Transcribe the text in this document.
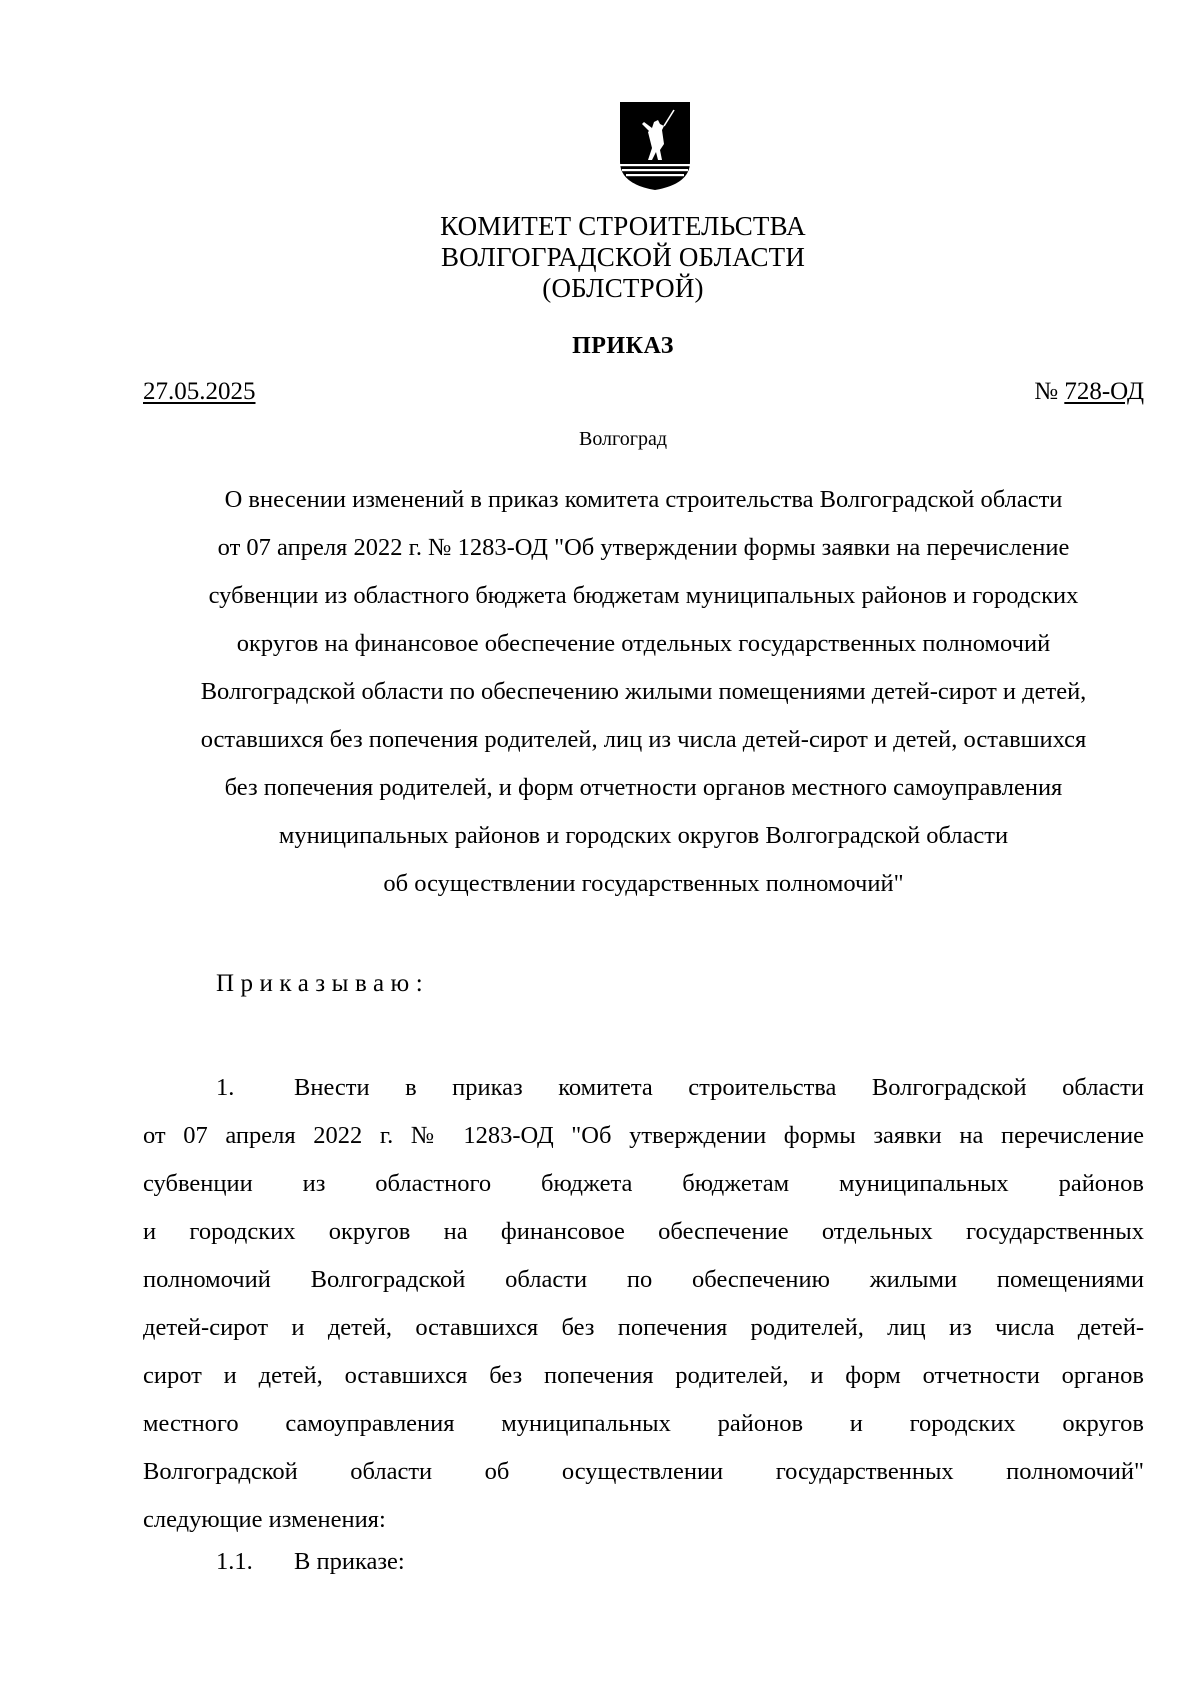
КОМИТЕТ СТРОИТЕЛЬСТВА
ВОЛГОГРАДСКОЙ ОБЛАСТИ
(ОБЛСТРОЙ)
ПРИКАЗ
27.05.2025	№ 728-ОД
Волгоград
О внесении изменений в приказ комитета строительства Волгоградской области
от 07 апреля 2022 г. № 1283-ОД "Об утверждении формы заявки на перечисление
субвенции из областного бюджета бюджетам муниципальных районов и городских
округов на финансовое обеспечение отдельных государственных полномочий
Волгоградской области по обеспечению жилыми помещениями детей-сирот и детей,
оставшихся без попечения родителей, лиц из числа детей-сирот и детей, оставшихся
без попечения родителей, и форм отчетности органов местного самоуправления
муниципальных районов и городских округов Волгоградской области
об осуществлении государственных полномочий"
Приказываю:
1. Внести в приказ комитета строительства Волгоградской области
от 07 апреля 2022 г. № 1283-ОД "Об утверждении формы заявки на перечисление
субвенции из областного бюджета бюджетам муниципальных районов
и городских округов на финансовое обеспечение отдельных государственных
полномочий Волгоградской области по обеспечению жилыми помещениями
детей-сирот и детей, оставшихся без попечения родителей, лиц из числа детей-
сирот и детей, оставшихся без попечения родителей, и форм отчетности органов
местного самоуправления муниципальных районов и городских округов
Волгоградской области об осуществлении государственных полномочий"
следующие изменения:
1.1. В приказе:
